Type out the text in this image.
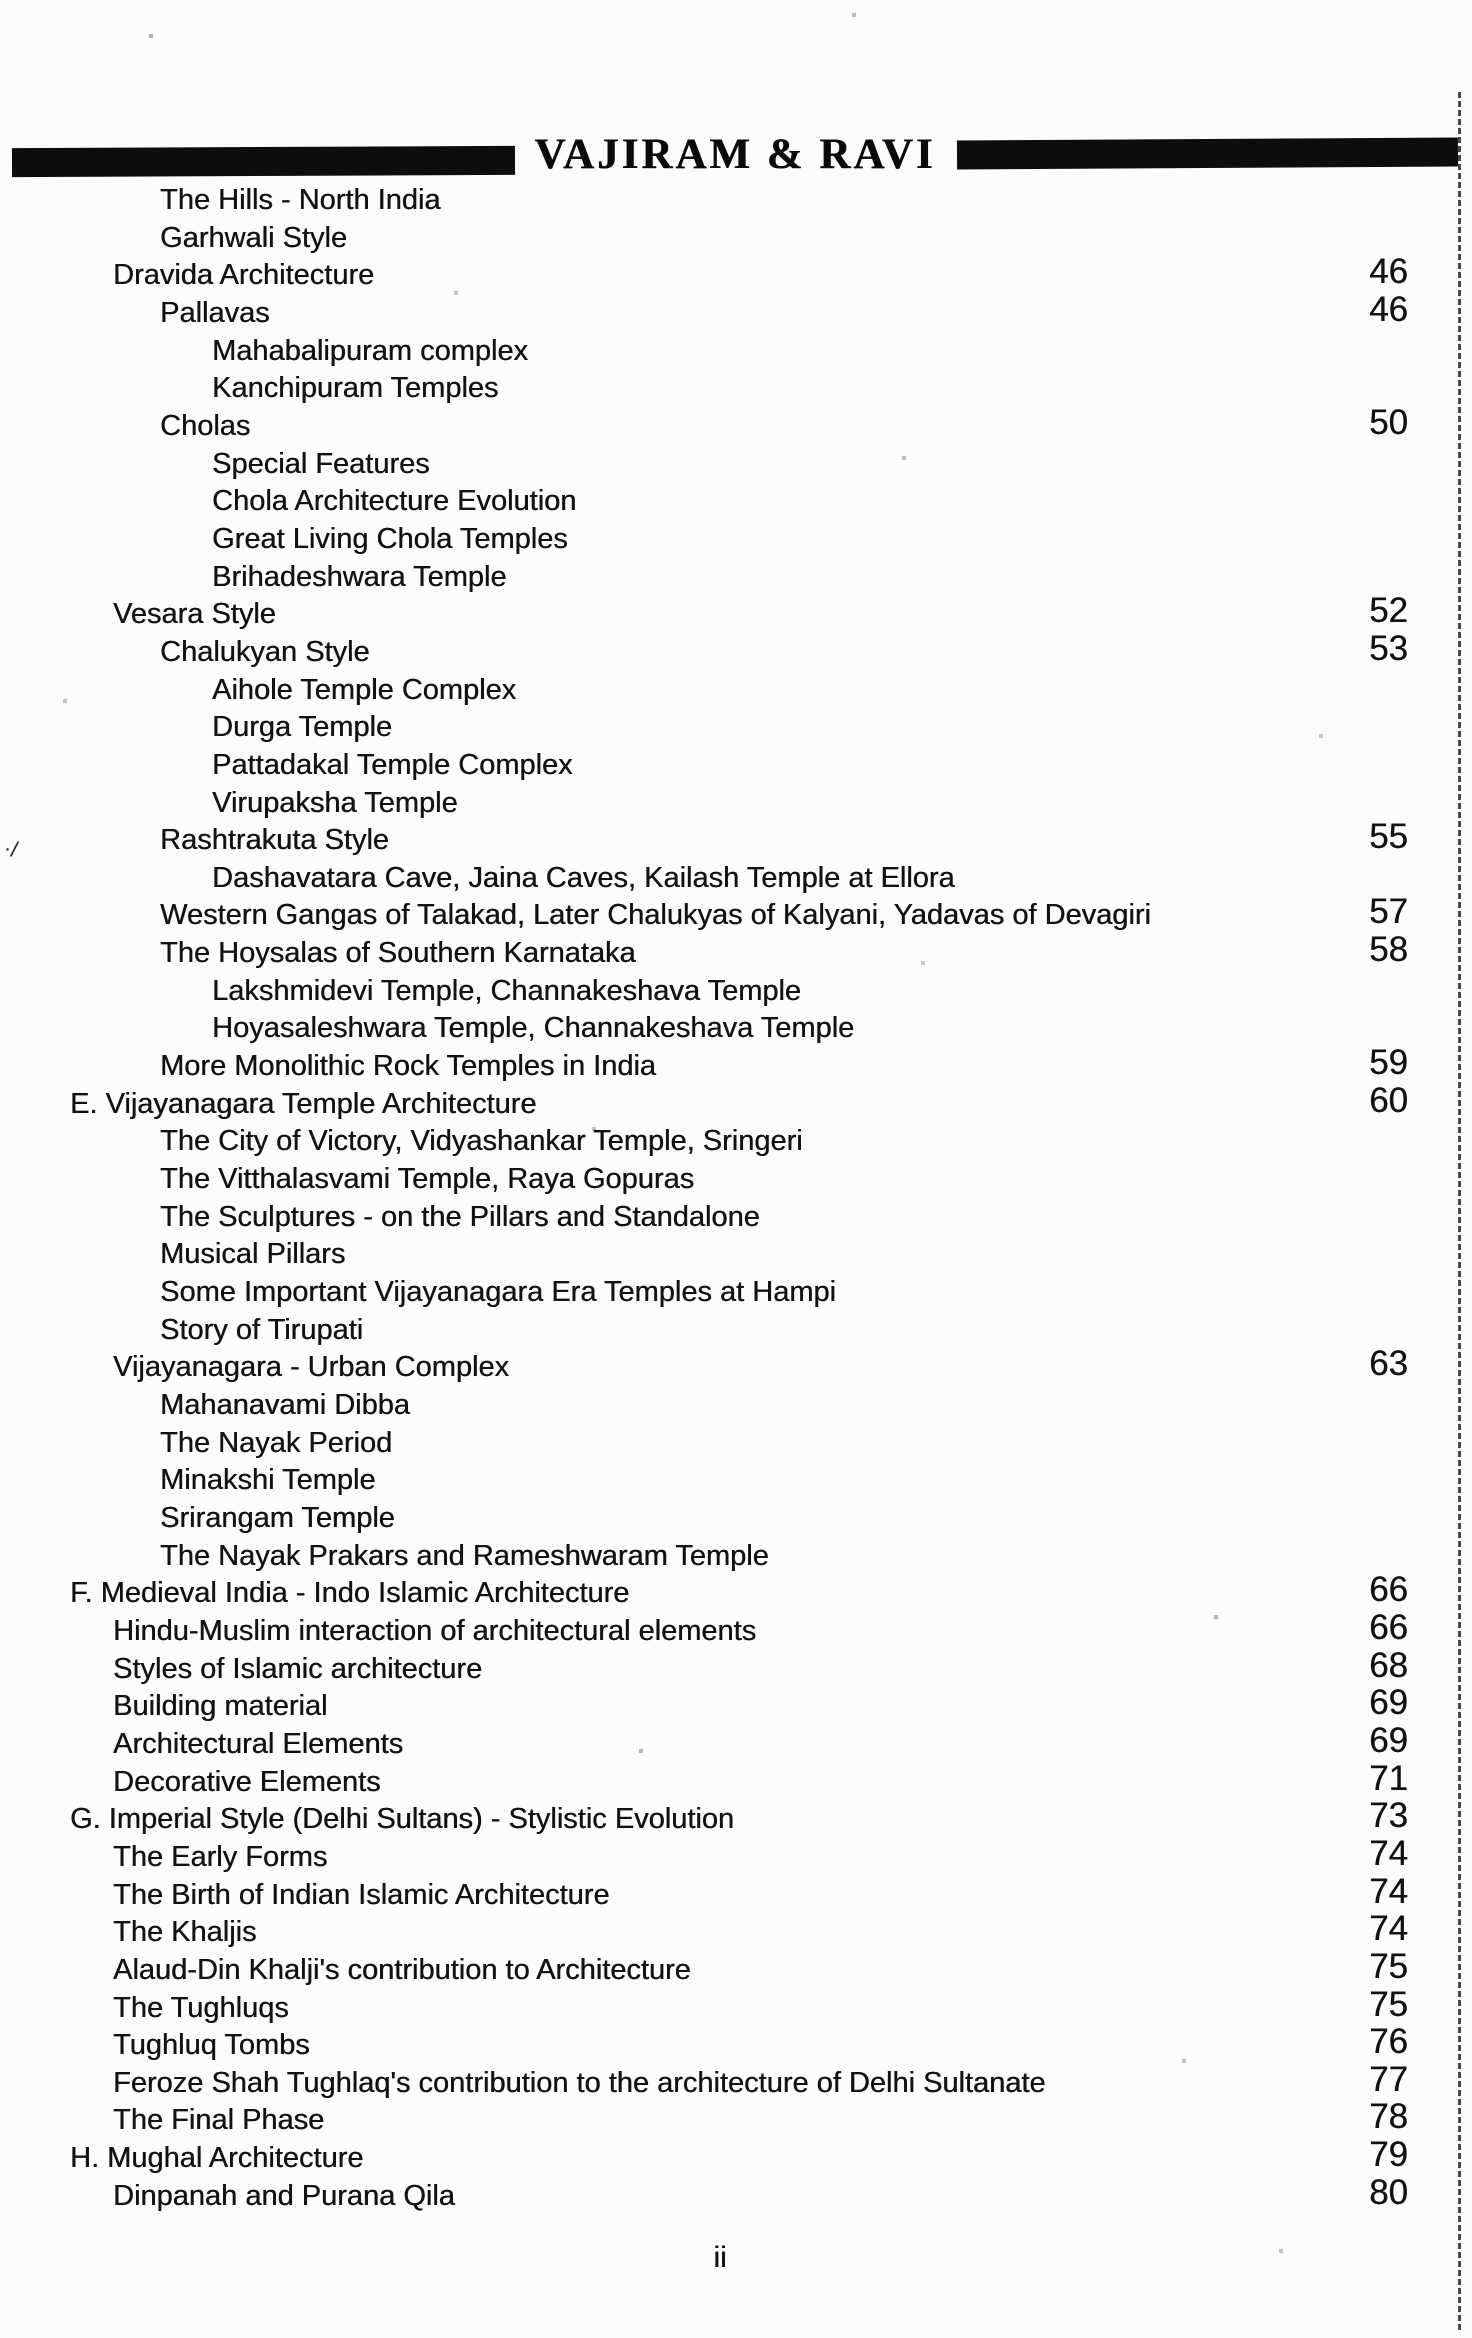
VAJIRAM & RAVI
The Hills - North India
Garhwali Style
Dravida Architecture	46
Pallavas	46
Mahabalipuram complex
Kanchipuram Temples
Cholas	50
Special Features
Chola Architecture Evolution
Great Living Chola Temples
Brihadeshwara Temple
Vesara Style	52
Chalukyan Style	53
Aihole Temple Complex
Durga Temple
Pattadakal Temple Complex
Virupaksha Temple
Rashtrakuta Style	55
Dashavatara Cave, Jaina Caves, Kailash Temple at Ellora
Western Gangas of Talakad, Later Chalukyas of Kalyani, Yadavas of Devagiri	57
The Hoysalas of Southern Karnataka	58
Lakshmidevi Temple, Channakeshava Temple
Hoyasaleshwara Temple, Channakeshava Temple
More Monolithic Rock Temples in India	59
E. Vijayanagara Temple Architecture	60
The City of Victory, Vidyashankar Temple, Sringeri
The Vitthalasvami Temple, Raya Gopuras
The Sculptures - on the Pillars and Standalone
Musical Pillars
Some Important Vijayanagara Era Temples at Hampi
Story of Tirupati
Vijayanagara - Urban Complex	63
Mahanavami Dibba
The Nayak Period
Minakshi Temple
Srirangam Temple
The Nayak Prakars and Rameshwaram Temple
F. Medieval India - Indo Islamic Architecture	66
Hindu-Muslim interaction of architectural elements	66
Styles of Islamic architecture	68
Building material	69
Architectural Elements	69
Decorative Elements	71
G. Imperial Style (Delhi Sultans) - Stylistic Evolution	73
The Early Forms	74
The Birth of Indian Islamic Architecture	74
The Khaljis	74
Alaud-Din Khalji's contribution to Architecture	75
The Tughluqs	75
Tughluq Tombs	76
Feroze Shah Tughlaq's contribution to the architecture of Delhi Sultanate	77
The Final Phase	78
H. Mughal Architecture	79
Dinpanah and Purana Qila	80
ii
·/
